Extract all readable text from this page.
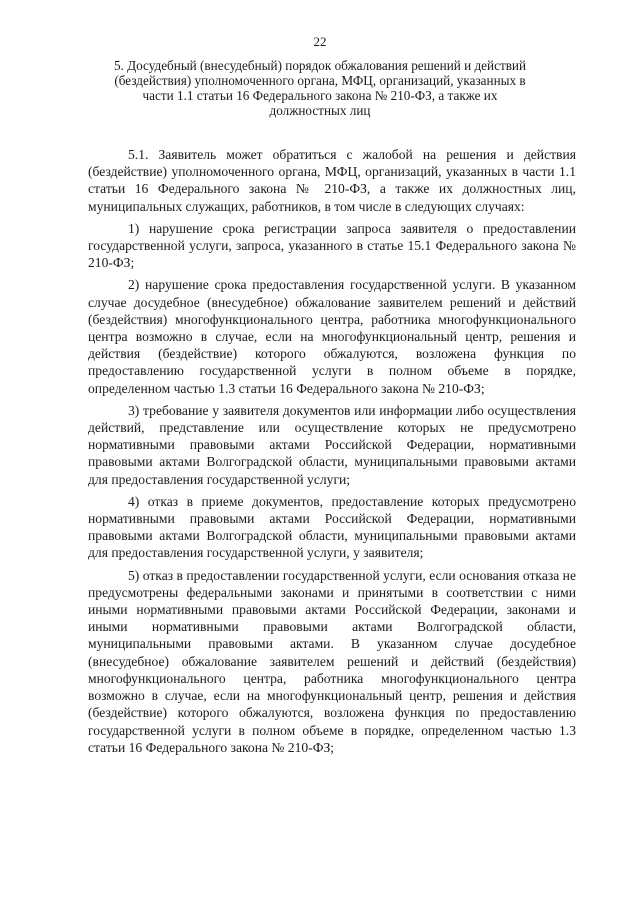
22
5. Досудебный (внесудебный) порядок обжалования решений и действий (бездействия) уполномоченного органа, МФЦ, организаций, указанных в части 1.1 статьи 16 Федерального закона № 210-ФЗ, а также их должностных лиц

5.1. Заявитель может обратиться с жалобой на решения и действия (бездействие) уполномоченного органа, МФЦ, организаций, указанных в части 1.1 статьи 16 Федерального закона № 210-ФЗ, а также их должностных лиц, муниципальных служащих, работников, в том числе в следующих случаях:

1) нарушение срока регистрации запроса заявителя о предоставлении государственной услуги, запроса, указанного в статье 15.1 Федерального закона № 210-ФЗ;

2) нарушение срока предоставления государственной услуги. В указанном случае досудебное (внесудебное) обжалование заявителем решений и действий (бездействия) многофункционального центра, работника многофункционального центра возможно в случае, если на многофункциональный центр, решения и действия (бездействие) которого обжалуются, возложена функция по предоставлению государственной услуги в полном объеме в порядке, определенном частью 1.3 статьи 16 Федерального закона № 210-ФЗ;

3) требование у заявителя документов или информации либо осуществления действий, представление или осуществление которых не предусмотрено нормативными правовыми актами Российской Федерации, нормативными правовыми актами Волгоградской области, муниципальными правовыми актами для предоставления государственной услуги;

4) отказ в приеме документов, предоставление которых предусмотрено нормативными правовыми актами Российской Федерации, нормативными правовыми актами Волгоградской области, муниципальными правовыми актами для предоставления государственной услуги, у заявителя;

5) отказ в предоставлении государственной услуги, если основания отказа не предусмотрены федеральными законами и принятыми в соответствии с ними иными нормативными правовыми актами Российской Федерации, законами и иными нормативными правовыми актами Волгоградской области, муниципальными правовыми актами. В указанном случае досудебное (внесудебное) обжалование заявителем решений и действий (бездействия) многофункционального центра, работника многофункционального центра возможно в случае, если на многофункциональный центр, решения и действия (бездействие) которого обжалуются, возложена функция по предоставлению государственной услуги в полном объеме в порядке, определенном частью 1.3 статьи 16 Федерального закона № 210-ФЗ;
